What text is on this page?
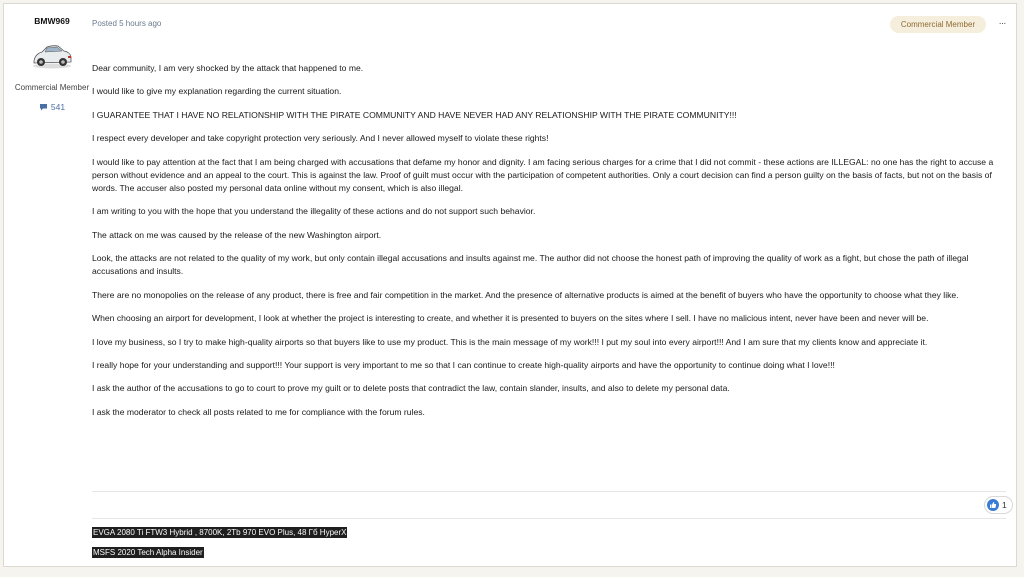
BMW969
Commercial Member
541
Posted 5 hours ago	Commercial Member	···

Dear community, I am very shocked by the attack that happened to me.

I would like to give my explanation regarding the current situation.

I GUARANTEE THAT I HAVE NO RELATIONSHIP WITH THE PIRATE COMMUNITY AND HAVE NEVER HAD ANY RELATIONSHIP WITH THE PIRATE COMMUNITY!!!

I respect every developer and take copyright protection very seriously. And I never allowed myself to violate these rights!

I would like to pay attention at the fact that I am being charged with accusations that defame my honor and dignity. I am facing serious charges for a crime that I did not commit - these actions are ILLEGAL: no one has the right to accuse a person without evidence and an appeal to the court. This is against the law. Proof of guilt must occur with the participation of competent authorities. Only a court decision can find a person guilty on the basis of facts, but not on the basis of words. The accuser also posted my personal data online without my consent, which is also illegal.

I am writing to you with the hope that you understand the illegality of these actions and do not support such behavior.

The attack on me was caused by the release of the new Washington airport.

Look, the attacks are not related to the quality of my work, but only contain illegal accusations and insults against me. The author did not choose the honest path of improving the quality of work as a fight, but chose the path of illegal accusations and insults.

There are no monopolies on the release of any product, there is free and fair competition in the market. And the presence of alternative products is aimed at the benefit of buyers who have the opportunity to choose what they like.

When choosing an airport for development, I look at whether the project is interesting to create, and whether it is presented to buyers on the sites where I sell. I have no malicious intent, never have been and never will be.

I love my business, so I try to make high-quality airports so that buyers like to use my product. This is the main message of my work!!! I put my soul into every airport!!! And I am sure that my clients know and appreciate it.

I really hope for your understanding and support!!! Your support is very important to me so that I can continue to create high-quality airports and have the opportunity to continue doing what I love!!!

I ask the author of the accusations to go to court to prove my guilt or to delete posts that contradict the law, contain slander, insults, and also to delete my personal data.

I ask the moderator to check all posts related to me for compliance with the forum rules.

1
EVGA 2080 Ti FTW3 Hybrid , 8700K, 2Tb 970 EVO Plus, 48 Гб HyperX
MSFS 2020 Tech Alpha Insider
